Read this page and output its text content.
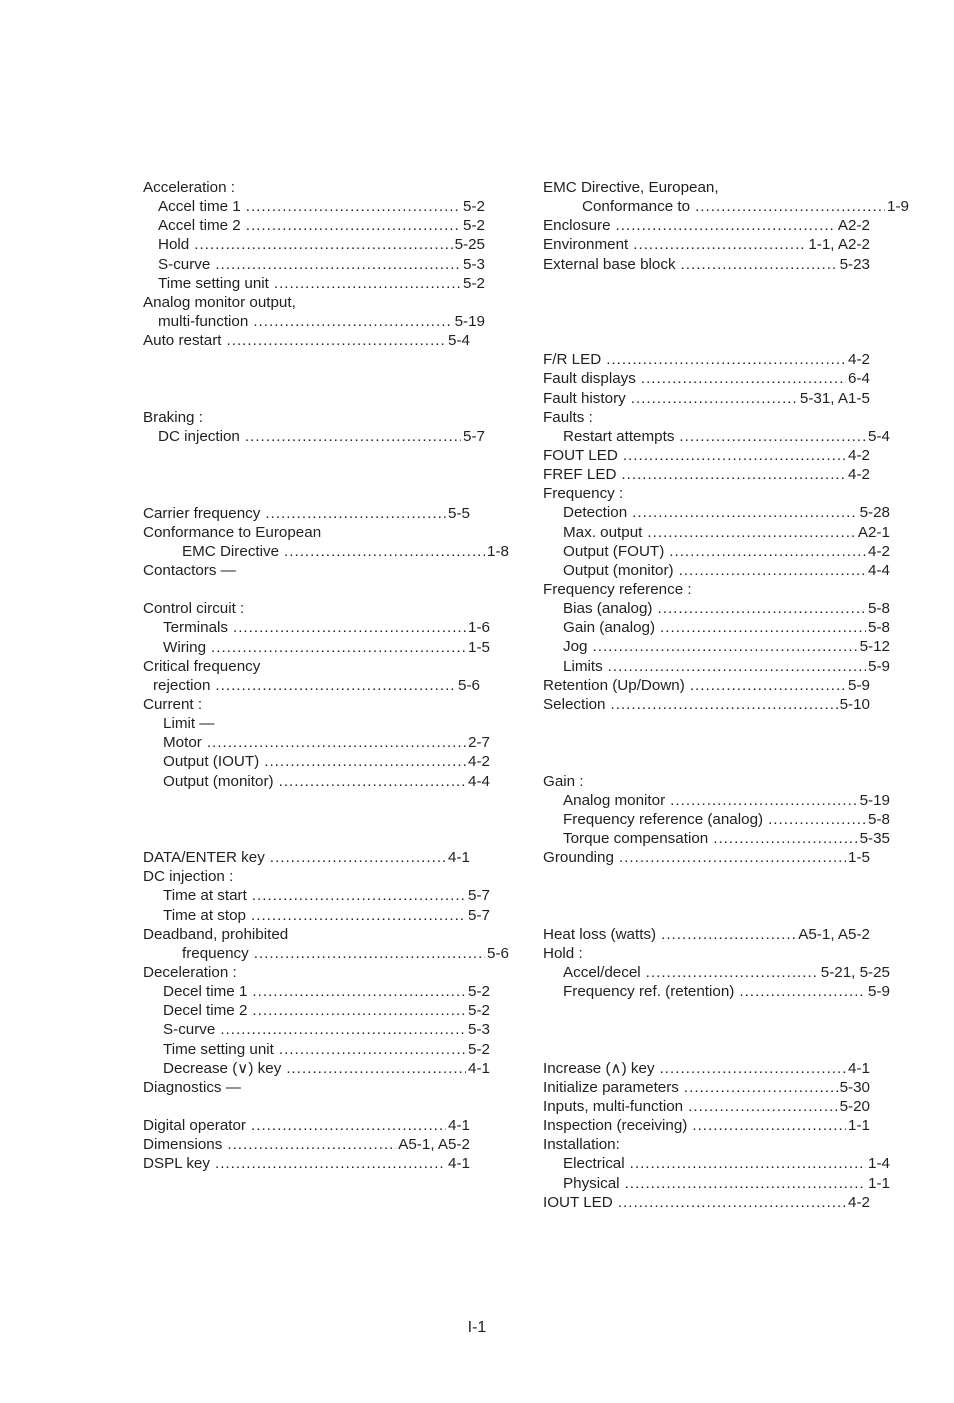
Acceleration :
Accel time 1 .....	5-2
Accel time 2 .....	5-2
Hold .....	5-25
S-curve .....	5-3
Time setting unit .....	5-2
Analog monitor output,
multi-function .....	5-19
Auto restart .....	5-4
Braking :
DC injection .....	5-7
Carrier frequency .....	5-5
Conformance to European
EMC Directive .....	1-8
Contactors —
Control circuit :
Terminals .....	1-6
Wiring .....	1-5
Critical frequency
rejection .....	5-6
Current :
Limit —
Motor .....	2-7
Output (IOUT) .....	4-2
Output (monitor) .....	4-4
DATA/ENTER key .....	4-1
DC injection :
Time at start .....	5-7
Time at stop .....	5-7
Deadband, prohibited
frequency .....	5-6
Deceleration :
Decel time 1 .....	5-2
Decel time 2 .....	5-2
S-curve .....	5-3
Time setting unit .....	5-2
Decrease (∨) key .....	4-1
Diagnostics —
Digital operator .....	4-1
Dimensions .....	A5-1, A5-2
DSPL key .....	4-1
EMC Directive, European,
Conformance to .....	1-9
Enclosure .....	A2-2
Environment .....	1-1, A2-2
External base block .....	5-23
F/R LED .....	4-2
Fault displays .....	6-4
Fault history .....	5-31, A1-5
Faults :
Restart attempts .....	5-4
FOUT LED .....	4-2
FREF LED .....	4-2
Frequency :
Detection .....	5-28
Max. output .....	A2-1
Output (FOUT) .....	4-2
Output (monitor) .....	4-4
Frequency reference :
Bias (analog) .....	5-8
Gain (analog) .....	5-8
Jog .....	5-12
Limits .....	5-9
Retention (Up/Down) .....	5-9
Selection .....	5-10
Gain :
Analog monitor .....	5-19
Frequency reference (analog) .....	5-8
Torque compensation .....	5-35
Grounding .....	1-5
Heat loss (watts) .....	A5-1, A5-2
Hold :
Accel/decel .....	5-21, 5-25
Frequency ref. (retention) .....	5-9
Increase (∧) key .....	4-1
Initialize parameters .....	5-30
Inputs, multi-function .....	5-20
Inspection (receiving) .....	1-1
Installation:
Electrical .....	1-4
Physical .....	1-1
IOUT LED .....	4-2
I-1
